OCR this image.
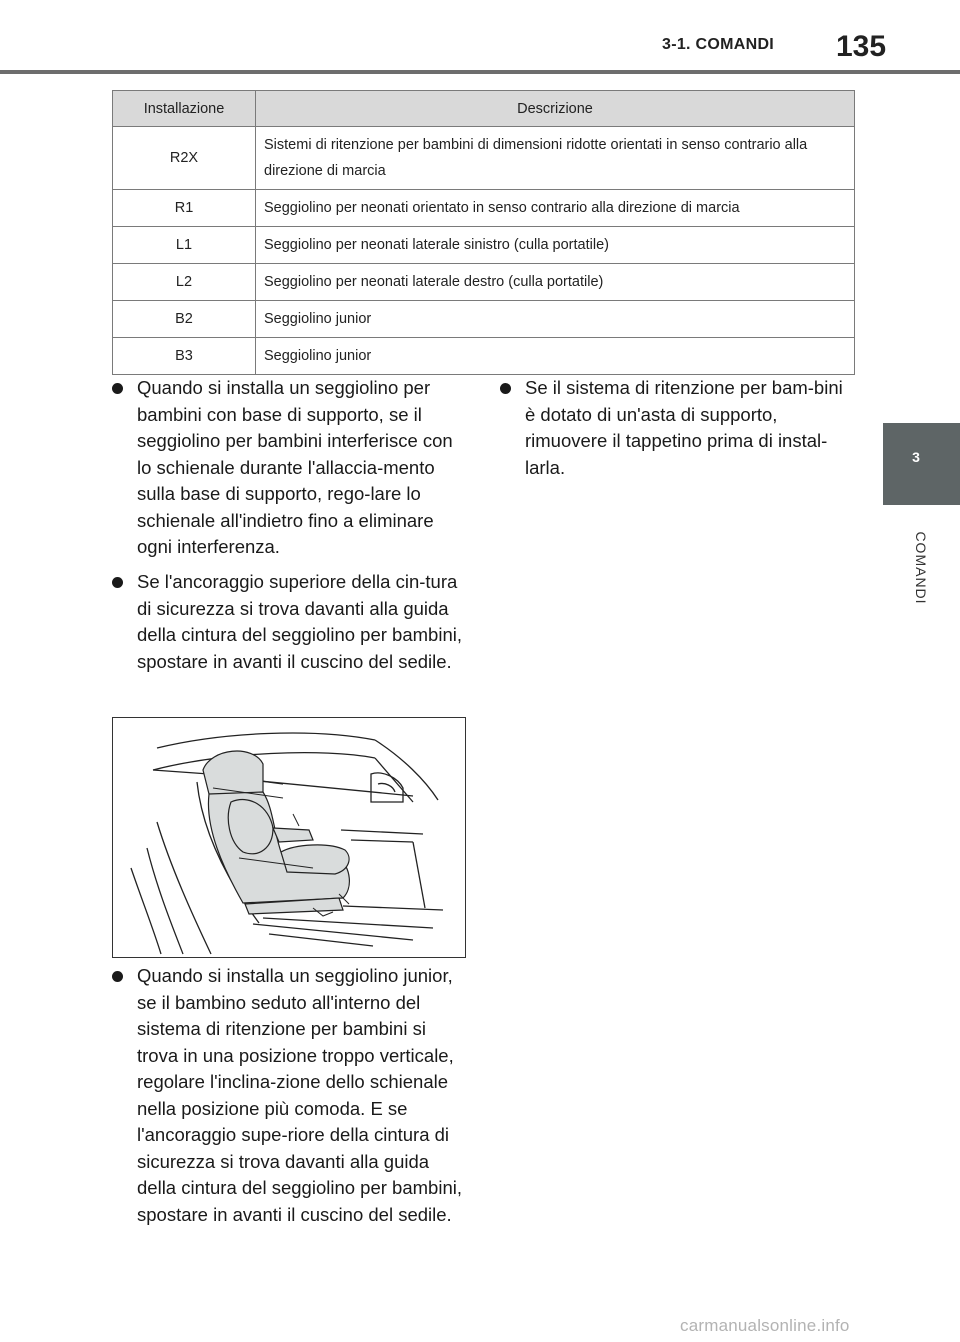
3-1. COMANDI 135
3
COMANDI
Installazione	Descrizione
R2X	Sistemi di ritenzione per bambini di dimensioni ridotte orientati in senso contrario alla direzione di marcia
R1	Seggiolino per neonati orientato in senso contrario alla direzione di marcia
L1	Seggiolino per neonati laterale sinistro (culla portatile)
L2	Seggiolino per neonati laterale destro (culla portatile)
B2	Seggiolino junior
B3	Seggiolino junior
Quando si installa un seggiolino per bambini con base di supporto, se il seggiolino per bambini interferisce con lo schienale durante l'allaccia-mento sulla base di supporto, rego-lare lo schienale all'indietro fino a eliminare ogni interferenza.
Se l'ancoraggio superiore della cin-tura di sicurezza si trova davanti alla guida della cintura del seggiolino per bambini, spostare in avanti il cuscino del sedile.
Quando si installa un seggiolino junior, se il bambino seduto all'interno del sistema di ritenzione per bambini si trova in una posizione troppo verticale, regolare l'inclina-zione dello schienale nella posizione più comoda. E se l'ancoraggio supe-riore della cintura di sicurezza si trova davanti alla guida della cintura del seggiolino per bambini, spostare in avanti il cuscino del sedile.
Se il sistema di ritenzione per bam-bini è dotato di un'asta di supporto, rimuovere il tappetino prima di instal-larla.
carmanualsonline.info
